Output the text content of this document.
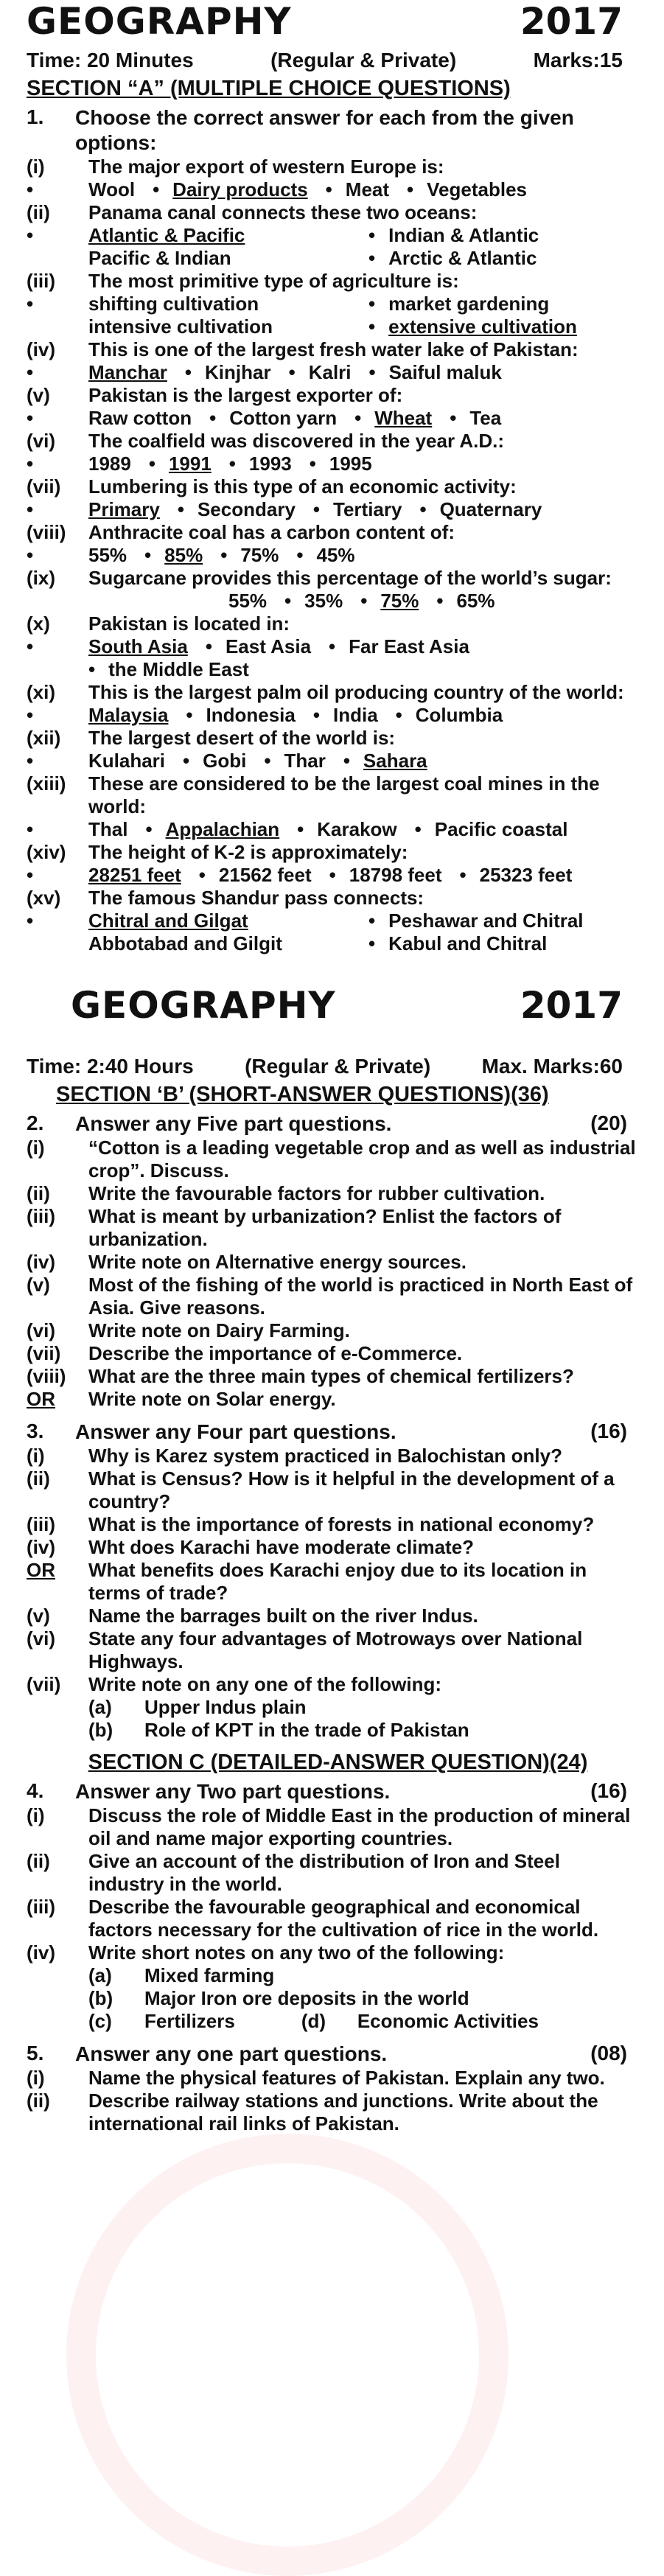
GEOGRAPHY	2017
Time: 20 Minutes	(Regular & Private)	Marks:15
SECTION “A” (MULTIPLE CHOICE QUESTIONS)
1.	Choose the correct answer for each from the given options:
(i)	The major export of western Europe is:
•	Wool • Dairy products • Meat • Vegetables
(ii)	Panama canal connects these two oceans:
•	Atlantic & Pacific	• Indian & Atlantic
Pacific & Indian	• Arctic & Atlantic
(iii)	The most primitive type of agriculture is:
•	shifting cultivation	• market gardening
intensive cultivation	• extensive cultivation
(iv)	This is one of the largest fresh water lake of Pakistan:
•	Manchar • Kinjhar • Kalri • Saiful maluk
(v)	Pakistan is the largest exporter of:
•	Raw cotton • Cotton yarn • Wheat • Tea
(vi)	The coalfield was discovered in the year A.D.:
•	1989 • 1991 • 1993 • 1995
(vii)	Lumbering is this type of an economic activity:
•	Primary • Secondary • Tertiary • Quaternary
(viii)	Anthracite coal has a carbon content of:
•	55% • 85% • 75% • 45%
(ix)	Sugarcane provides this percentage of the world’s sugar:
55% • 35% • 75% • 65%
(x)	Pakistan is located in:
•	South Asia • East Asia • Far East Asia
• the Middle East
(xi)	This is the largest palm oil producing country of the world:
•	Malaysia • Indonesia • India • Columbia
(xii)	The largest desert of the world is:
•	Kulahari • Gobi • Thar • Sahara
(xiii)	These are considered to be the largest coal mines in the world:
•	Thal • Appalachian • Karakow • Pacific coastal
(xiv)	The height of K-2 is approximately:
•	28251 feet • 21562 feet • 18798 feet • 25323 feet
(xv)	The famous Shandur pass connects:
•	Chitral and Gilgat	• Peshawar and Chitral
Abbotabad and Gilgit	• Kabul and Chitral
GEOGRAPHY	2017
Time: 2:40 Hours (Regular & Private) Max. Marks:60
SECTION ‘B’ (SHORT-ANSWER QUESTIONS)(36)
2.	Answer any Five part questions.	(20)
(i)	“Cotton is a leading vegetable crop and as well as industrial crop”. Discuss.
(ii)	Write the favourable factors for rubber cultivation.
(iii)	What is meant by urbanization? Enlist the factors of urbanization.
(iv)	Write note on Alternative energy sources.
(v)	Most of the fishing of the world is practiced in North East of Asia. Give reasons.
(vi)	Write note on Dairy Farming.
(vii)	Describe the importance of e-Commerce.
(viii)	What are the three main types of chemical fertilizers?
OR	Write note on Solar energy.
3.	Answer any Four part questions.	(16)
(i)	Why is Karez system practiced in Balochistan only?
(ii)	What is Census? How is it helpful in the development of a country?
(iii)	What is the importance of forests in national economy?
(iv)	Wht does Karachi have moderate climate?
OR	What benefits does Karachi enjoy due to its location in terms of trade?
(v)	Name the barrages built on the river Indus.
(vi)	State any four advantages of Motroways over National Highways.
(vii)	Write note on any one of the following:
(a)	Upper Indus plain
(b)	Role of KPT in the trade of Pakistan
SECTION C (DETAILED-ANSWER QUESTION)(24)
4.	Answer any Two part questions.	(16)
(i)	Discuss the role of Middle East in the production of mineral oil and name major exporting countries.
(ii)	Give an account of the distribution of Iron and Steel industry in the world.
(iii)	Describe the favourable geographical and economical factors necessary for the cultivation of rice in the world.
(iv)	Write short notes on any two of the following:
(a)	Mixed farming
(b)	Major Iron ore deposits in the world
(c)	Fertilizers	(d)	Economic Activities
5.	Answer any one part questions.	(08)
(i)	Name the physical features of Pakistan. Explain any two.
(ii)	Describe railway stations and junctions. Write about the international rail links of Pakistan.
